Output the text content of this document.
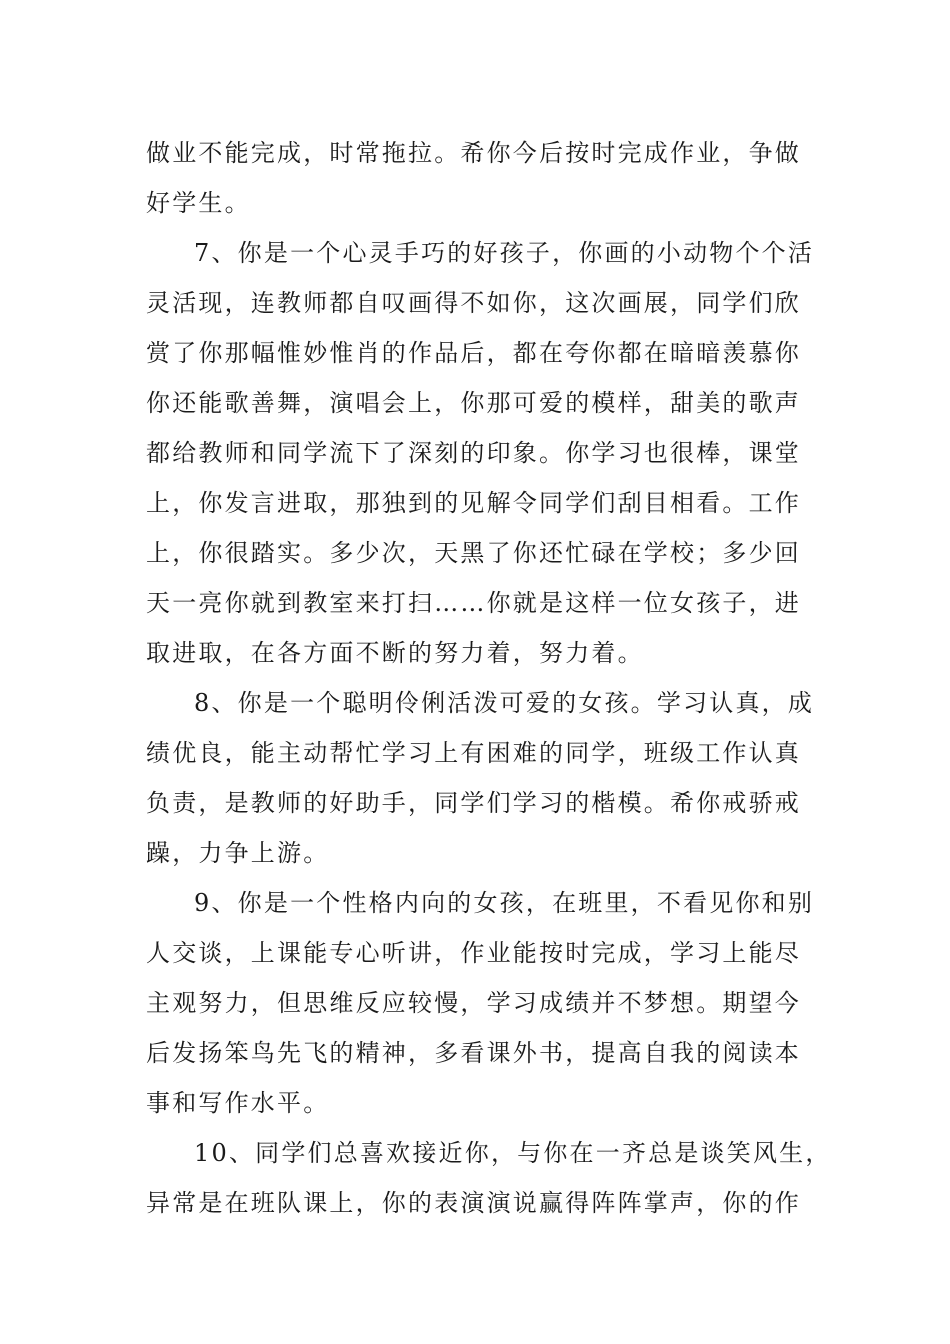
做业不能完成，时常拖拉。希你今后按时完成作业，争做
好学生。
7、你是一个心灵手巧的好孩子，你画的小动物个个活
灵活现，连教师都自叹画得不如你，这次画展，同学们欣
赏了你那幅惟妙惟肖的作品后，都在夸你都在暗暗羡慕你
你还能歌善舞，演唱会上，你那可爱的模样，甜美的歌声
都给教师和同学流下了深刻的印象。你学习也很棒，课堂
上，你发言进取，那独到的见解令同学们刮目相看。工作
上，你很踏实。多少次，天黑了你还忙碌在学校；多少回
天一亮你就到教室来打扫……你就是这样一位女孩子，进
取进取，在各方面不断的努力着，努力着。
8、你是一个聪明伶俐活泼可爱的女孩。学习认真，成
绩优良，能主动帮忙学习上有困难的同学，班级工作认真
负责，是教师的好助手，同学们学习的楷模。希你戒骄戒
躁，力争上游。
9、你是一个性格内向的女孩，在班里，不看见你和别
人交谈，上课能专心听讲，作业能按时完成，学习上能尽
主观努力，但思维反应较慢，学习成绩并不梦想。期望今
后发扬笨鸟先飞的精神，多看课外书，提高自我的阅读本
事和写作水平。
10、同学们总喜欢接近你，与你在一齐总是谈笑风生，
异常是在班队课上，你的表演演说赢得阵阵掌声，你的作
